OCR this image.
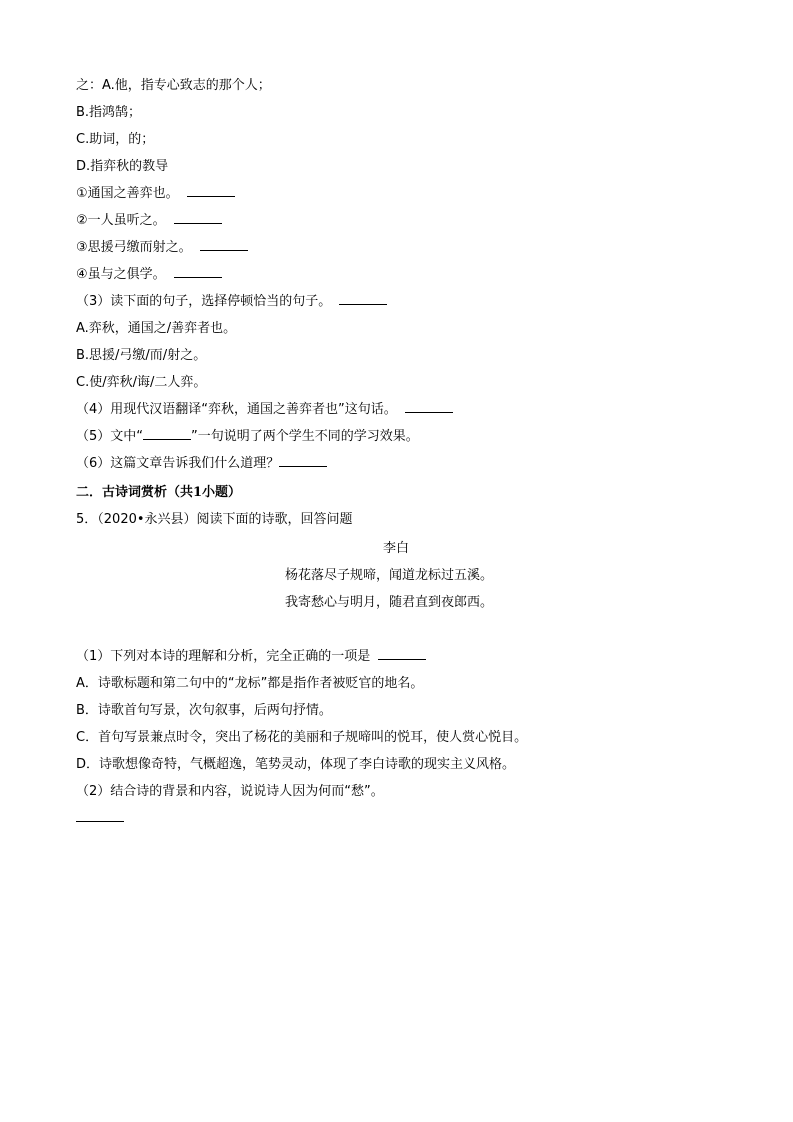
之：A.他，指专心致志的那个人；
B.指鸿鹄；
C.助词，的；
D.指弈秋的教导
①通国之善弈也。
②一人虽听之。
③思援弓缴而射之。
④虽与之俱学。
（3）读下面的句子，选择停顿恰当的句子。
A.弈秋，通国之/善弈者也。
B.思援/弓缴/而/射之。
C.使/弈秋/诲/二人弈。
（4）用现代汉语翻译“弈秋，通国之善弈者也”这句话。
（5）文中“	”一句说明了两个学生不同的学习效果。
（6）这篇文章告诉我们什么道理？
二．古诗词赏析（共1小题）
5．（2020•永兴县）阅读下面的诗歌，回答问题
李白
杨花落尽子规啼，闻道龙标过五溪。
我寄愁心与明月，随君直到夜郎西。
（1）下列对本诗的理解和分析，完全正确的一项是
A．诗歌标题和第二句中的“龙标”都是指作者被贬官的地名。
B．诗歌首句写景，次句叙事，后两句抒情。
C．首句写景兼点时令，突出了杨花的美丽和子规啼叫的悦耳，使人赏心悦目。
D．诗歌想像奇特，气概超逸，笔势灵动，体现了李白诗歌的现实主义风格。
（2）结合诗的背景和内容，说说诗人因为何而“愁”。
